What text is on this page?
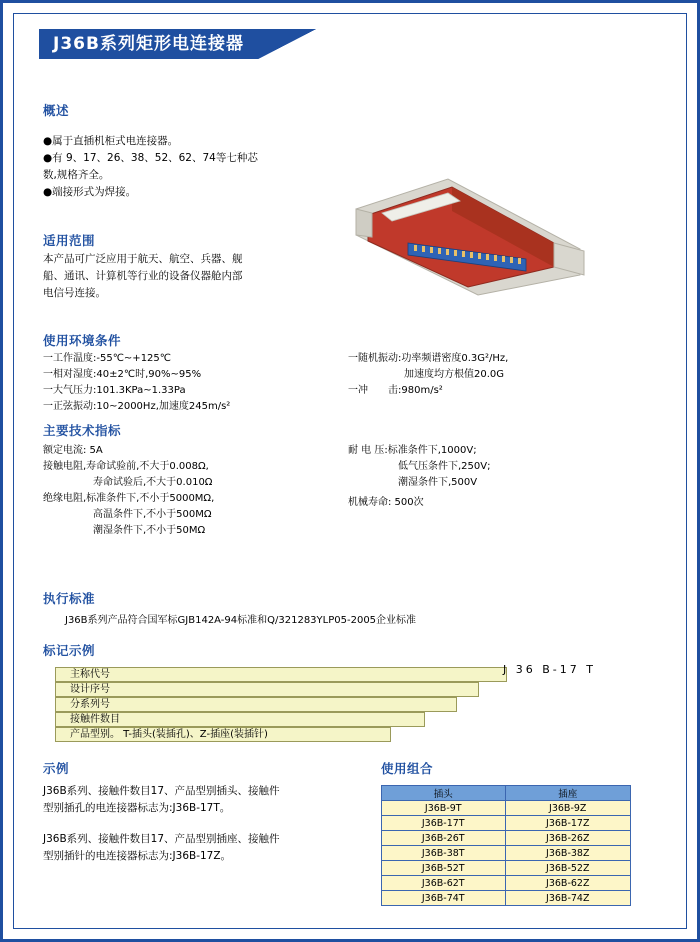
J36B系列矩形电连接器
概述
●属于直插机柜式电连接器。
●有 9、17、26、38、52、62、74等七种芯
数,规格齐全。
●端接形式为焊接。
适用范围
本产品可广泛应用于航天、航空、兵器、舰
船、通讯、计算机等行业的设备仪器舱内部
电信号连接。
使用环境条件
一工作温度:-55℃~+125℃
一相对湿度:40±2℃时,90%~95%
一大气压力:101.3KPa~1.33Pa
一正弦振动:10~2000Hz,加速度245m/s²
一随机振动:功率频谱密度0.3G²/Hz,
加速度均方根值20.0G
一冲　　击:980m/s²
主要技术指标
额定电流: 5A
接触电阻,寿命试验前,不大于0.008Ω,
　　　　　寿命试验后,不大于0.010Ω
绝缘电阻,标准条件下,不小于5000MΩ,
　　　　　高温条件下,不小于500MΩ
　　　　　潮湿条件下,不小于50MΩ
耐 电 压:标准条件下,1000V;
　　　　　低气压条件下,250V;
　　　　　潮湿条件下,500V
机械寿命: 500次
执行标准
J36B系列产品符合国军标GJB142A-94标准和Q/321283YLP05-2005企业标准
标记示例
主称代号
设计序号
分系列号
接触件数目
产品型别。 T-插头(装插孔)、Z-插座(装插针)
J 36 B-17 T
示例
J36B系列、接触件数目17、产品型别插头、接触件
型别插孔的电连接器标志为:J36B-17T。
J36B系列、接触件数目17、产品型别插座、接触件
型别插针的电连接器标志为:J36B-17Z。
使用组合
插头	插座
J36B-9T	J36B-9Z
J36B-17T	J36B-17Z
J36B-26T	J36B-26Z
J36B-38T	J36B-38Z
J36B-52T	J36B-52Z
J36B-62T	J36B-62Z
J36B-74T	J36B-74Z
